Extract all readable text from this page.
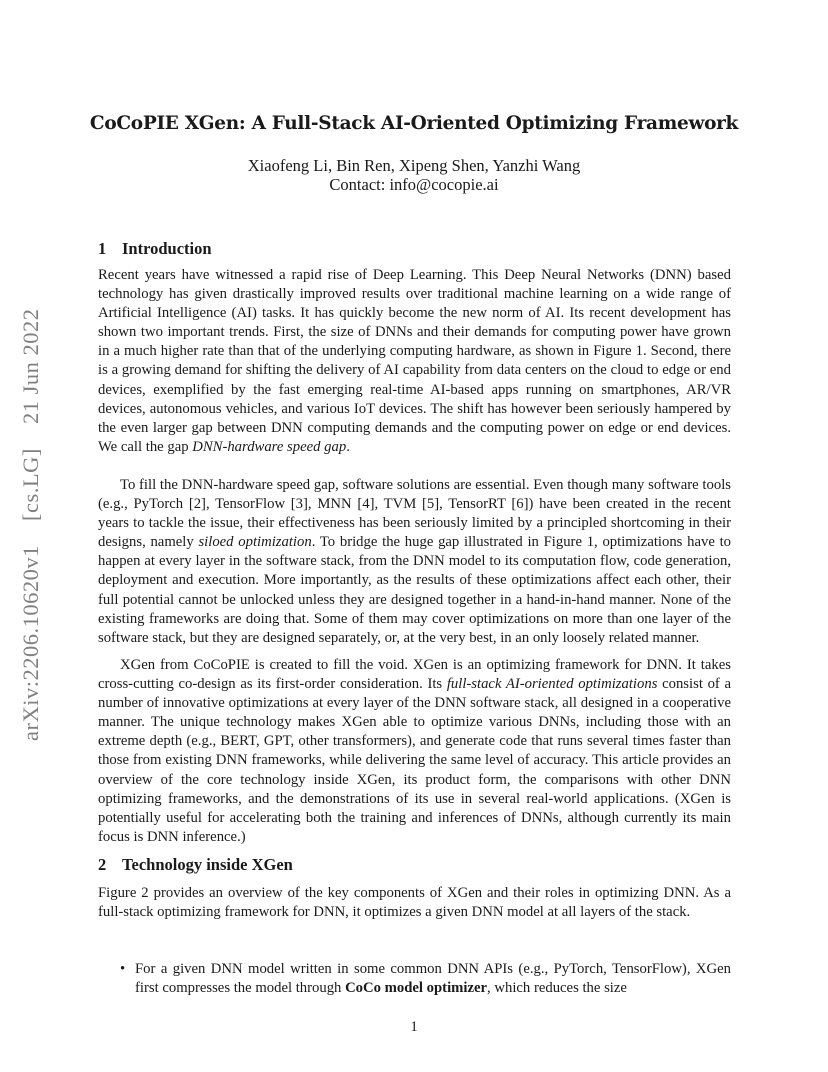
arXiv:2206.10620v1 [cs.LG] 21 Jun 2022
CoCoPIE XGen: A Full-Stack AI-Oriented Optimizing Framework
Xiaofeng Li, Bin Ren, Xipeng Shen, Yanzhi Wang
Contact: info@cocopie.ai
1 Introduction

Recent years have witnessed a rapid rise of Deep Learning. This Deep Neural Networks (DNN) based technology has given drastically improved results over traditional machine learning on a wide range of Artificial Intelligence (AI) tasks. It has quickly become the new norm of AI. Its recent development has shown two important trends. First, the size of DNNs and their demands for computing power have grown in a much higher rate than that of the underlying computing hardware, as shown in Figure 1. Second, there is a growing demand for shifting the delivery of AI capability from data centers on the cloud to edge or end devices, exemplified by the fast emerging real-time AI-based apps running on smartphones, AR/VR devices, autonomous vehicles, and various IoT devices. The shift has however been seriously hampered by the even larger gap between DNN computing demands and the computing power on edge or end devices. We call the gap DNN-hardware speed gap.

To fill the DNN-hardware speed gap, software solutions are essential. Even though many software tools (e.g., PyTorch [2], TensorFlow [3], MNN [4], TVM [5], TensorRT [6]) have been created in the recent years to tackle the issue, their effectiveness has been seriously limited by a principled shortcoming in their designs, namely siloed optimization. To bridge the huge gap illustrated in Figure 1, optimizations have to happen at every layer in the software stack, from the DNN model to its computation flow, code generation, deployment and execution. More importantly, as the results of these optimizations affect each other, their full potential cannot be unlocked unless they are designed together in a hand-in-hand manner. None of the existing frameworks are doing that. Some of them may cover optimizations on more than one layer of the software stack, but they are designed separately, or, at the very best, in an only loosely related manner.

XGen from CoCoPIE is created to fill the void. XGen is an optimizing framework for DNN. It takes cross-cutting co-design as its first-order consideration. Its full-stack AI-oriented optimizations consist of a number of innovative optimizations at every layer of the DNN software stack, all designed in a cooperative manner. The unique technology makes XGen able to optimize various DNNs, including those with an extreme depth (e.g., BERT, GPT, other transformers), and generate code that runs several times faster than those from existing DNN frameworks, while delivering the same level of accuracy. This article provides an overview of the core technology inside XGen, its product form, the comparisons with other DNN optimizing frameworks, and the demonstrations of its use in several real-world applications. (XGen is potentially useful for accelerating both the training and inferences of DNNs, although currently its main focus is DNN inference.)

2 Technology inside XGen

Figure 2 provides an overview of the key components of XGen and their roles in optimizing DNN. As a full-stack optimizing framework for DNN, it optimizes a given DNN model at all layers of the stack.

• For a given DNN model written in some common DNN APIs (e.g., PyTorch, TensorFlow), XGen first compresses the model through CoCo model optimizer, which reduces the size

1
